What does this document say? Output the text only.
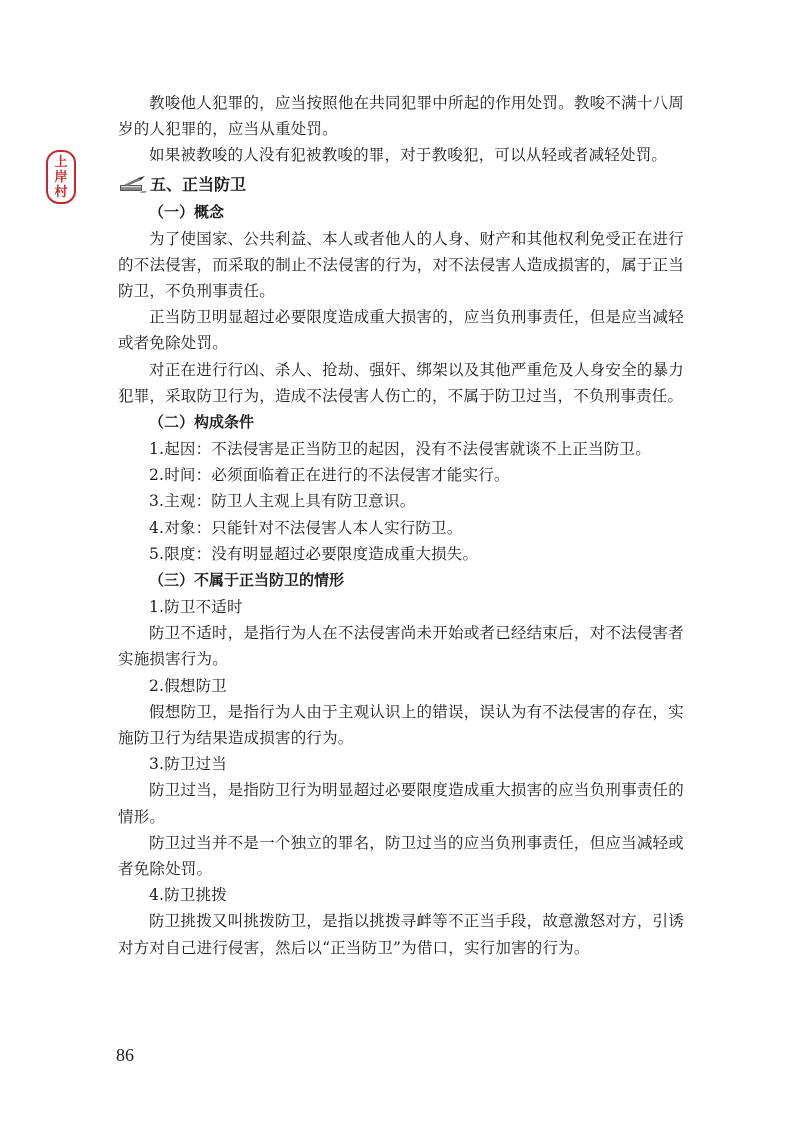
上
岸
村

教唆他人犯罪的，应当按照他在共同犯罪中所起的作用处罚。教唆不满十八周岁的人犯罪的，应当从重处罚。

如果被教唆的人没有犯被教唆的罪，对于教唆犯，可以从轻或者减轻处罚。

五、正当防卫
（一）概念

为了使国家、公共利益、本人或者他人的人身、财产和其他权利免受正在进行的不法侵害，而采取的制止不法侵害的行为，对不法侵害人造成损害的，属于正当防卫，不负刑事责任。

正当防卫明显超过必要限度造成重大损害的，应当负刑事责任，但是应当减轻或者免除处罚。

对正在进行行凶、杀人、抢劫、强奸、绑架以及其他严重危及人身安全的暴力犯罪，采取防卫行为，造成不法侵害人伤亡的，不属于防卫过当，不负刑事责任。

（二）构成条件

1.起因：不法侵害是正当防卫的起因，没有不法侵害就谈不上正当防卫。

2.时间：必须面临着正在进行的不法侵害才能实行。

3.主观：防卫人主观上具有防卫意识。

4.对象：只能针对不法侵害人本人实行防卫。

5.限度：没有明显超过必要限度造成重大损失。

（三）不属于正当防卫的情形

1.防卫不适时

防卫不适时，是指行为人在不法侵害尚未开始或者已经结束后，对不法侵害者实施损害行为。

2.假想防卫

假想防卫，是指行为人由于主观认识上的错误，误认为有不法侵害的存在，实施防卫行为结果造成损害的行为。

3.防卫过当

防卫过当，是指防卫行为明显超过必要限度造成重大损害的应当负刑事责任的情形。

防卫过当并不是一个独立的罪名，防卫过当的应当负刑事责任，但应当减轻或者免除处罚。

4.防卫挑拨

防卫挑拨又叫挑拨防卫，是指以挑拨寻衅等不正当手段，故意激怒对方，引诱对方对自己进行侵害，然后以“正当防卫”为借口，实行加害的行为。

86
